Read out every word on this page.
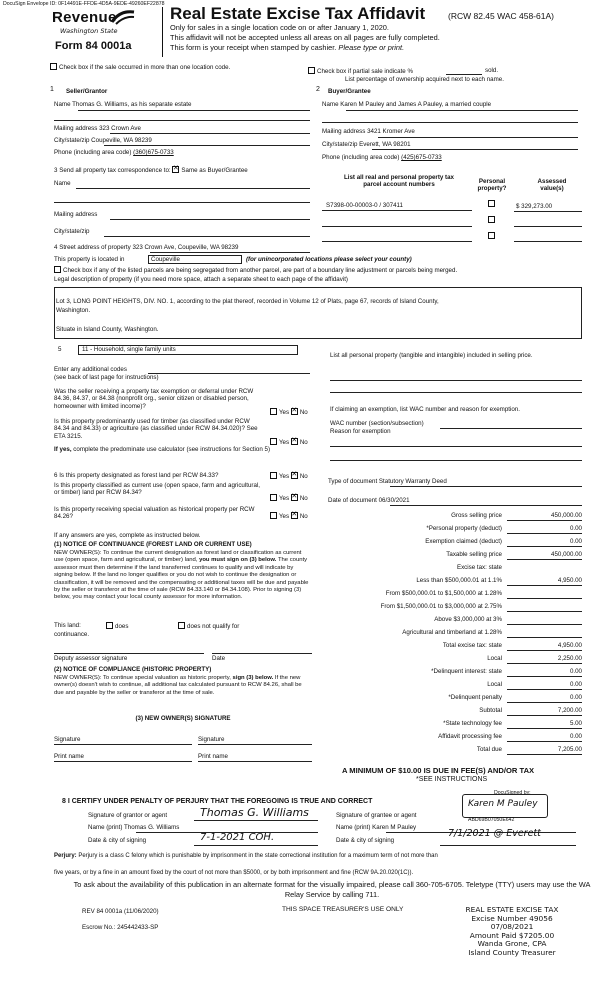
DocuSign Envelope ID: 0F14491E-FFDE-4D5A-9EDE-49260EF22878
Revenue
Washington State
Form 84 0001a
Real Estate Excise Tax Affidavit	(RCW 82.45 WAC 458-61A)
Only for sales in a single location code on or after January 1, 2020.
This affidavit will not be accepted unless all areas on all pages are fully completed.
This form is your receipt when stamped by cashier. Please type or print.
Check box if the sale occurred in more than one location code.
Check box if partial sale indicate %	sold.
List percentage of ownership acquired next to each name.
1	2
Seller/Grantor
Name Thomas G. Williams, as his separate estate
Mailing address 323 Crown Ave
City/state/zip Coupeville, WA 98239
Phone (including area code) (360)675-0733
Buyer/Grantee
Name Karen M Pauley and James A Pauley, a married couple
Mailing address 3421 Kromer Ave
City/state/zip Everett, WA 98201
Phone (including area code) (425)675-0733
3 Send all property tax correspondence to: ✕ Same as Buyer/Grantee
Name
Mailing address
City/state/zip
List all real and personal property tax
parcel account numbers	Personal
property?
Assessed
value(s)
S7398-00-00003-0 / 307411	$ 329,273.00
4 Street address of property 323 Crown Ave, Coupeville, WA 98239
This property is located in	Coupeville	(for unincorporated locations please select your county)
Check box if any of the listed parcels are being segregated from another parcel, are part of a boundary line adjustment or parcels being merged.
Legal description of property (if you need more space, attach a separate sheet to each page of the affidavit)
Lot 3, LONG POINT HEIGHTS, DIV. NO. 1, according to the plat thereof, recorded in Volume 12 of Plats, page 67, records of Island County,
Washington.
Situate in Island County, Washington.
5	11 - Household, single family units
Enter any additional codes
(see back of last page for instructions)
List all personal property (tangible and intangible) included in selling price.
Was the seller receiving a property tax exemption or deferral under RCW 84.36, 84.37, or 84.38 (nonprofit org., senior citizen or disabled person, homeowner with limited income)?
Yes ✕ No
Is this property predominantly used for timber (as classified under RCW 84.34 and 84.33) or agriculture (as classified under RCW 84.34.020)? See ETA 3215.
Yes ✕ No
If yes, complete the predominate use calculator (see instructions for Section 5)
If claiming an exemption, list WAC number and reason for exemption.
WAC number (section/subsection)
Reason for exemption
6 Is this property designated as forest land per RCW 84.33?	Yes ✕ No
Is this property classified as current use (open space, farm and agricultural, or timber) land per RCW 84.34?
Yes ✕ No
Is this property receiving special valuation as historical property per RCW 84.26?	Yes ✕ No
If any answers are yes, complete as instructed below.
(1) NOTICE OF CONTINUANCE (FOREST LAND OR CURRENT USE)
NEW OWNER(S): To continue the current designation as forest land or classification as current use (open space, farm and agricultural, or timber) land, you must sign on (3) below. The county assessor must then determine if the land transferred continues to qualify and will indicate by signing below. If the land no longer qualifies or you do not wish to continue the designation or classification, it will be removed and the compensating or additional taxes will be due and payable by the seller or transferor at the time of sale (RCW 84.33.140 or 84.34.108). Prior to signing (3) below, you may contact your local county assessor for more information.
This land:	does	does not qualify for
continuance.
Deputy assessor signature	Date
(2) NOTICE OF COMPLIANCE (HISTORIC PROPERTY)
NEW OWNER(S): To continue special valuation as historic property, sign (3) below. If the new owner(s) doesn't wish to continue, all additional tax calculated pursuant to RCW 84.26, shall be due and payable by the seller or transferor at the time of sale.
(3) NEW OWNER(S) SIGNATURE
Signature	Signature
Print name	Print name
Type of document Statutory Warranty Deed
Date of document 06/30/2021
Gross selling price	450,000.00
*Personal property (deduct)	0.00
Exemption claimed (deduct)	0.00
Taxable selling price	450,000.00
Excise tax: state
Less than $500,000.01 at 1.1%	4,950.00
From $500,000.01 to $1,500,000 at 1.28%
From $1,500,000.01 to $3,000,000 at 2.75%
Above $3,000,000 at 3%
Agricultural and timberland at 1.28%
Total excise tax: state	4,950.00
Local	2,250.00
*Delinquent interest: state	0.00
Local	0.00
*Delinquent penalty	0.00
Subtotal	7,200.00
*State technology fee	5.00
Affidavit processing fee	0.00
Total due	7,205.00
A MINIMUM OF $10.00 IS DUE IN FEE(S) AND/OR TAX
*SEE INSTRUCTIONS
8 I CERTIFY UNDER PENALTY OF PERJURY THAT THE FOREGOING IS TRUE AND CORRECT
Signature of grantor or agent	Thomas G. Williams
Name (print) Thomas G. Williams
Date & city of signing	7-1-2021 COH.
DocuSigned by:
Karen M Pauley
ABD69B07050E642
Signature of grantee or agent
Name (print) Karen M Pauley
Date & city of signing
7/1/2021 @ Everett
Perjury: Perjury is a class C felony which is punishable by imprisonment in the state correctional institution for a maximum term of not more than
five years, or by a fine in an amount fixed by the court of not more than $5000, or by both imprisonment and fine (RCW 9A.20.020(1C)).
To ask about the availability of this publication in an alternate format for the visually impaired, please call 360-705-6705. Teletype (TTY) users may use the WA Relay Service by calling 711.
REV 84 0001a (11/06/2020)	THIS SPACE TREASURER'S USE ONLY
Escrow No.: 245442433-SP
REAL ESTATE EXCISE TAX
Excise Number 49056
07/08/2021
Amount Paid $7205.00
Wanda Grone, CPA
Island County Treasurer
